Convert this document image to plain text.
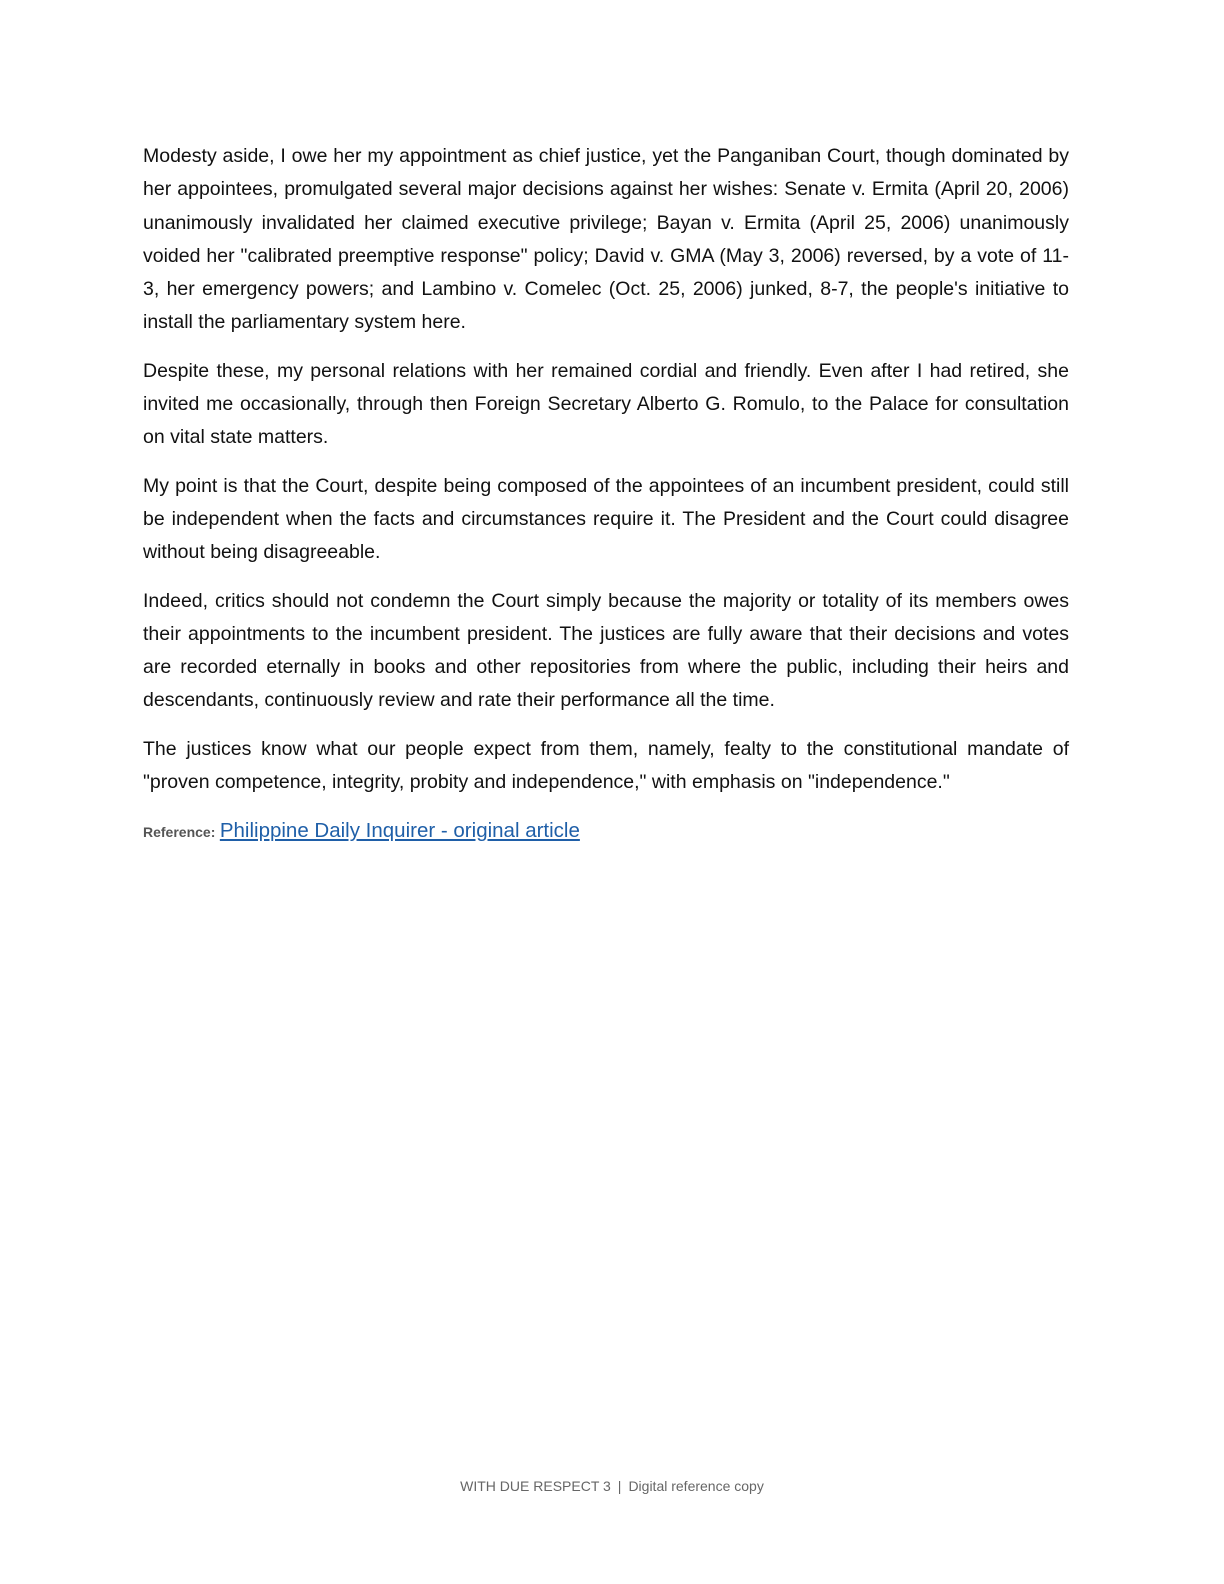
Modesty aside, I owe her my appointment as chief justice, yet the Panganiban Court, though dominated by her appointees, promulgated several major decisions against her wishes: Senate v. Ermita (April 20, 2006) unanimously invalidated her claimed executive privilege; Bayan v. Ermita (April 25, 2006) unanimously voided her "calibrated preemptive response" policy; David v. GMA (May 3, 2006) reversed, by a vote of 11-3, her emergency powers; and Lambino v. Comelec (Oct. 25, 2006) junked, 8-7, the people's initiative to install the parliamentary system here.

Despite these, my personal relations with her remained cordial and friendly. Even after I had retired, she invited me occasionally, through then Foreign Secretary Alberto G. Romulo, to the Palace for consultation on vital state matters.

My point is that the Court, despite being composed of the appointees of an incumbent president, could still be independent when the facts and circumstances require it. The President and the Court could disagree without being disagreeable.

Indeed, critics should not condemn the Court simply because the majority or totality of its members owes their appointments to the incumbent president. The justices are fully aware that their decisions and votes are recorded eternally in books and other repositories from where the public, including their heirs and descendants, continuously review and rate their performance all the time.

The justices know what our people expect from them, namely, fealty to the constitutional mandate of "proven competence, integrity, probity and independence," with emphasis on "independence."

Reference: Philippine Daily Inquirer - original article
WITH DUE RESPECT 3 | Digital reference copy
